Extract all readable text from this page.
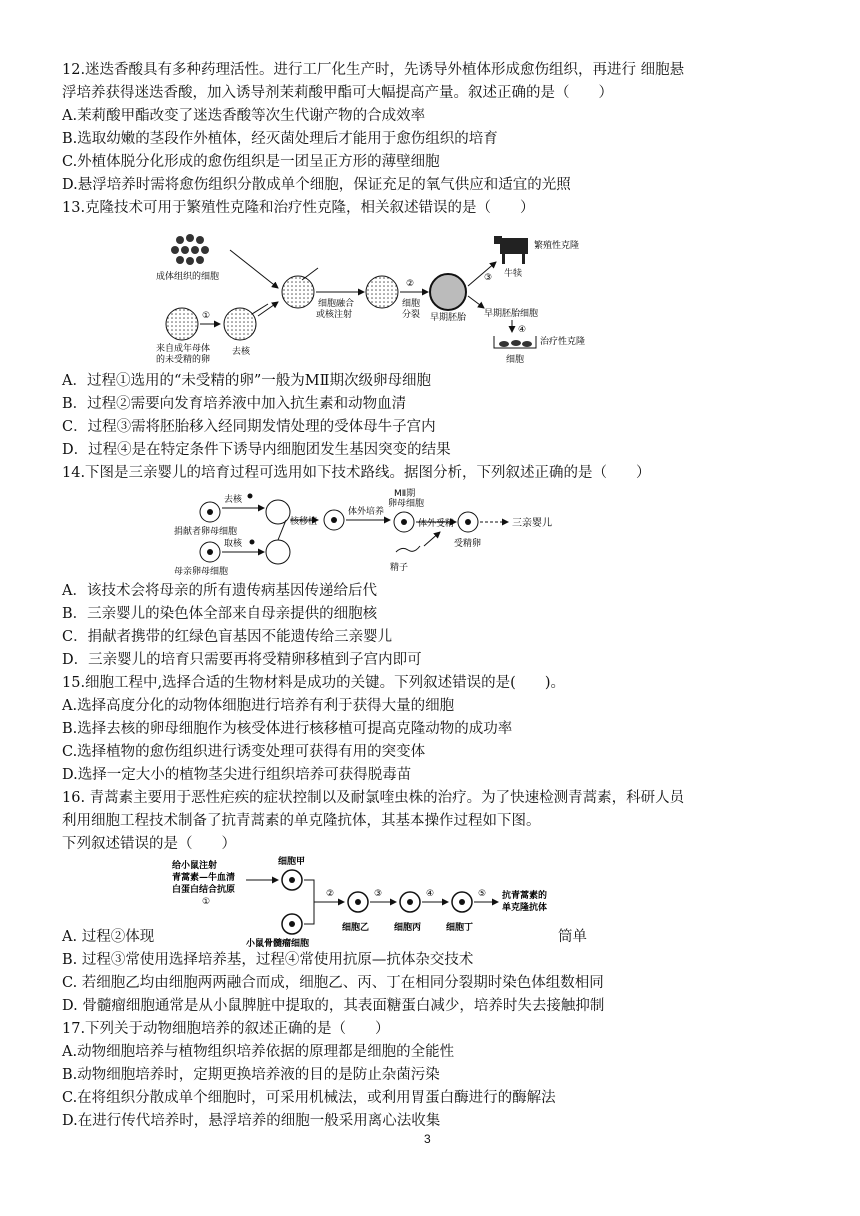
12.迷迭香酸具有多种药理活性。进行工厂化生产时，先诱导外植体形成愈伤组织，再进行 细胞悬
浮培养获得迷迭香酸，加入诱导剂茉莉酸甲酯可大幅提高产量。叙述正确的是（　　）
A.茉莉酸甲酯改变了迷迭香酸等次生代谢产物的合成效率
B.选取幼嫩的茎段作外植体，经灭菌处理后才能用于愈伤组织的培育
C.外植体脱分化形成的愈伤组织是一团呈正方形的薄壁细胞
D.悬浮培养时需将愈伤组织分散成单个细胞，保证充足的氧气供应和适宜的光照
13.克隆技术可用于繁殖性克隆和治疗性克隆，相关叙述错误的是（　　）
成体组织的细胞
来自成年母体
的未受精的卵
①
去核
细胞融合
或核注射
②
细胞
分裂 早期胚胎
③
繁殖性克隆
牛犊
早期胚胎细胞
④
治疗性克隆
细胞
A．过程①选用的“未受精的卵”一般为MⅡ期次级卵母细胞
B．过程②需要向发育培养液中加入抗生素和动物血清
C．过程③需将胚胎移入经同期发情处理的受体母牛子宫内
D．过程④是在特定条件下诱导内细胞团发生基因突变的结果
14.下图是三亲婴儿的培育过程可选用如下技术路线。据图分析，下列叙述正确的是（　　）
去核
捐献者卵母细胞
取核
母亲卵母细胞
核移植
体外培养
MⅡ期
卵母细胞
体外受精
精子
受精卵
三亲婴儿
A．该技术会将母亲的所有遗传病基因传递给后代
B．三亲婴儿的染色体全部来自母亲提供的细胞核
C．捐献者携带的红绿色盲基因不能遗传给三亲婴儿
D．三亲婴儿的培育只需要再将受精卵移植到子宫内即可
15.细胞工程中,选择合适的生物材料是成功的关键。下列叙述错误的是(　　)。
A.选择高度分化的动物体细胞进行培养有利于获得大量的细胞
B.选择去核的卵母细胞作为核受体进行核移植可提高克隆动物的成功率
C.选择植物的愈伤组织进行诱变处理可获得有用的突变体
D.选择一定大小的植物茎尖进行组织培养可获得脱毒苗
16. 青蒿素主要用于恶性疟疾的症状控制以及耐氯喹虫株的治疗。为了快速检测青蒿素，科研人员
利用细胞工程技术制备了抗青蒿素的单克隆抗体，其基本操作过程如下图。
下列叙述错误的是（　　）
给小鼠注射
青蒿素—牛血清
白蛋白结合抗原
①
细胞甲
小鼠骨髓瘤细胞
②
细胞乙
③
细胞丙
④
细胞丁
⑤ 抗青蒿素的
单克隆抗体
A. 过程②体现	筒单
B. 过程③常使用选择培养基，过程④常使用抗原—抗体杂交技术
C. 若细胞乙均由细胞两两融合而成，细胞乙、丙、丁在相同分裂期时染色体组数相同
D. 骨髓瘤细胞通常是从小鼠脾脏中提取的，其表面糖蛋白减少，培养时失去接触抑制
17.下列关于动物细胞培养的叙述正确的是（　　）
A.动物细胞培养与植物组织培养依据的原理都是细胞的全能性
B.动物细胞培养时，定期更换培养液的目的是防止杂菌污染
C.在将组织分散成单个细胞时，可采用机械法，或利用胃蛋白酶进行的酶解法
D.在进行传代培养时，悬浮培养的细胞一般采用离心法收集
3
